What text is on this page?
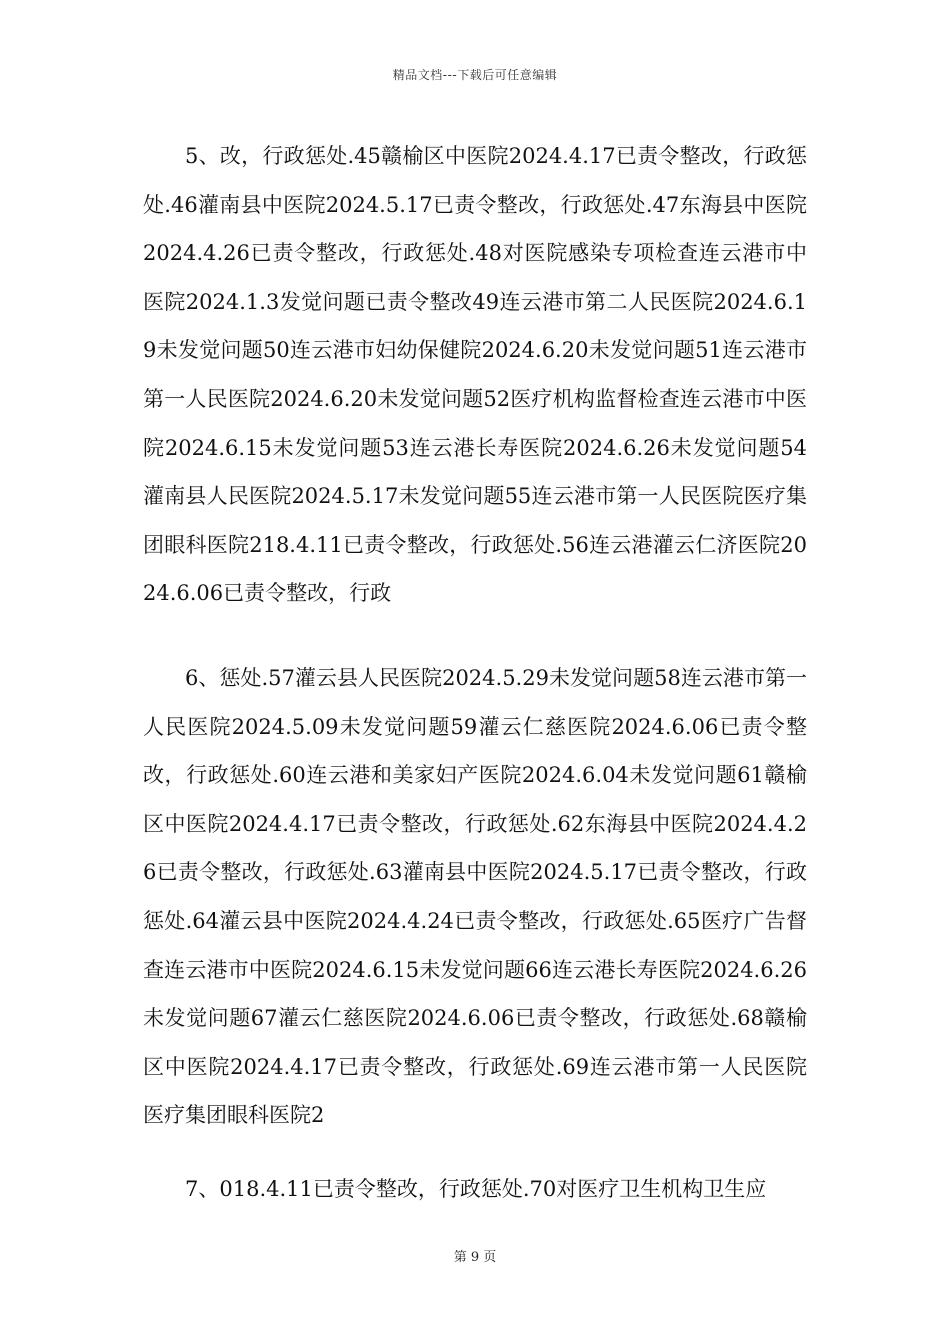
精品文档---下载后可任意编辑

5、改，行政惩处.45赣榆区中医院2024.4.17已责令整改，行政惩处.46灌南县中医院2024.5.17已责令整改，行政惩处.47东海县中医院2024.4.26已责令整改，行政惩处.48对医院感染专项检查连云港市中医院2024.1.3发觉问题已责令整改49连云港市第二人民医院2024.6.19未发觉问题50连云港市妇幼保健院2024.6.20未发觉问题51连云港市第一人民医院2024.6.20未发觉问题52医疗机构监督检查连云港市中医院2024.6.15未发觉问题53连云港长寿医院2024.6.26未发觉问题54灌南县人民医院2024.5.17未发觉问题55连云港市第一人民医院医疗集团眼科医院218.4.11已责令整改，行政惩处.56连云港灌云仁济医院2024.6.06已责令整改，行政

6、惩处.57灌云县人民医院2024.5.29未发觉问题58连云港市第一人民医院2024.5.09未发觉问题59灌云仁慈医院2024.6.06已责令整改，行政惩处.60连云港和美家妇产医院2024.6.04未发觉问题61赣榆区中医院2024.4.17已责令整改，行政惩处.62东海县中医院2024.4.26已责令整改，行政惩处.63灌南县中医院2024.5.17已责令整改，行政惩处.64灌云县中医院2024.4.24已责令整改，行政惩处.65医疗广告督查连云港市中医院2024.6.15未发觉问题66连云港长寿医院2024.6.26未发觉问题67灌云仁慈医院2024.6.06已责令整改，行政惩处.68赣榆区中医院2024.4.17已责令整改，行政惩处.69连云港市第一人民医院医疗集团眼科医院2

7、018.4.11已责令整改，行政惩处.70对医疗卫生机构卫生应

第 9 页
